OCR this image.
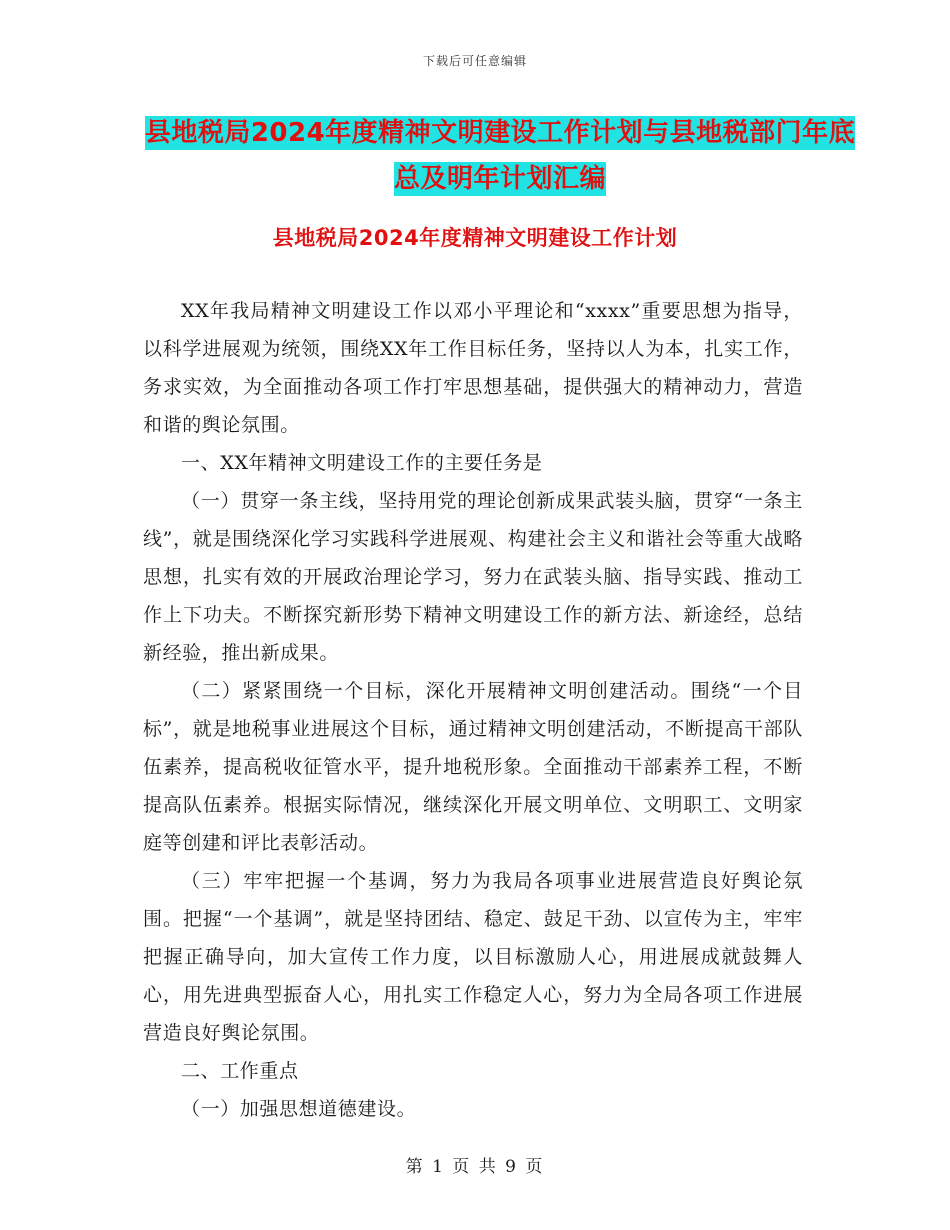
下载后可任意编辑
县地税局2024年度精神文明建设工作计划与县地税部门年底总及明年计划汇编
县地税局2024年度精神文明建设工作计划

XX年我局精神文明建设工作以邓小平理论和“xxxx”重要思想为指导，以科学进展观为统领，围绕XX年工作目标任务，坚持以人为本，扎实工作，务求实效，为全面推动各项工作打牢思想基础，提供强大的精神动力，营造和谐的舆论氛围。

一、XX年精神文明建设工作的主要任务是

（一）贯穿一条主线，坚持用党的理论创新成果武装头脑，贯穿“一条主线”，就是围绕深化学习实践科学进展观、构建社会主义和谐社会等重大战略思想，扎实有效的开展政治理论学习，努力在武装头脑、指导实践、推动工作上下功夫。不断探究新形势下精神文明建设工作的新方法、新途经，总结新经验，推出新成果。

（二）紧紧围绕一个目标，深化开展精神文明创建活动。围绕“一个目标”，就是地税事业进展这个目标，通过精神文明创建活动，不断提高干部队伍素养，提高税收征管水平，提升地税形象。全面推动干部素养工程，不断提高队伍素养。根据实际情况，继续深化开展文明单位、文明职工、文明家庭等创建和评比表彰活动。

（三）牢牢把握一个基调，努力为我局各项事业进展营造良好舆论氛围。把握“一个基调”，就是坚持团结、稳定、鼓足干劲、以宣传为主，牢牢把握正确导向，加大宣传工作力度，以目标激励人心，用进展成就鼓舞人心，用先进典型振奋人心，用扎实工作稳定人心，努力为全局各项工作进展营造良好舆论氛围。

二、工作重点

（一）加强思想道德建设。

第 1 页 共 9 页
